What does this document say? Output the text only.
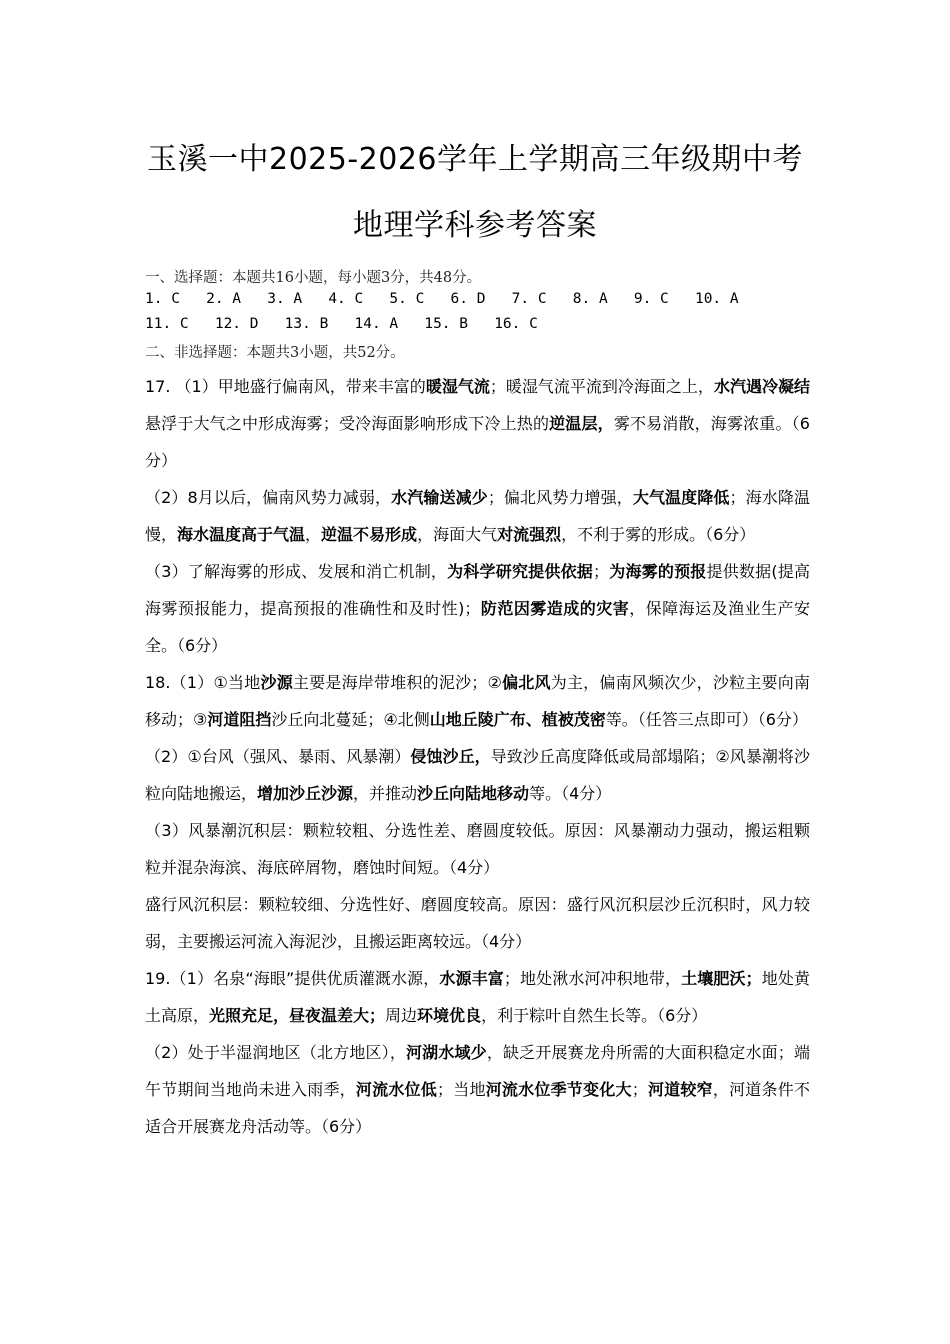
玉溪一中2025-2026学年上学期高三年级期中考
地理学科参考答案
一、选择题：本题共16小题，每小题3分，共48分。
1. C   2. A   3. A   4. C   5. C   6. D   7. C   8. A   9. C   10. A
11. C   12. D   13. B   14. A   15. B   16. C
二、非选择题：本题共3小题，共52分。

17. （1）甲地盛行偏南风，带来丰富的暖湿气流；暖湿气流平流到冷海面之上，水汽遇冷凝结悬浮于大气之中形成海雾；受冷海面影响形成下冷上热的逆温层，雾不易消散，海雾浓重。（6分）

（2）8月以后，偏南风势力减弱，水汽输送减少；偏北风势力增强，大气温度降低；海水降温慢，海水温度高于气温，逆温不易形成，海面大气对流强烈，不利于雾的形成。（6分）

（3）了解海雾的形成、发展和消亡机制，为科学研究提供依据；为海雾的预报提供数据(提高海雾预报能力，提高预报的准确性和及时性)；防范因雾造成的灾害，保障海运及渔业生产安全。（6分）

18.（1）①当地沙源主要是海岸带堆积的泥沙；②偏北风为主，偏南风频次少，沙粒主要向南移动；③河道阻挡沙丘向北蔓延；④北侧山地丘陵广布、植被茂密等。（任答三点即可）（6分）

（2）①台风（强风、暴雨、风暴潮）侵蚀沙丘，导致沙丘高度降低或局部塌陷；②风暴潮将沙粒向陆地搬运，增加沙丘沙源，并推动沙丘向陆地移动等。（4分）

（3）风暴潮沉积层：颗粒较粗、分选性差、磨圆度较低。原因：风暴潮动力强动，搬运粗颗粒并混杂海滨、海底碎屑物，磨蚀时间短。（4分）

盛行风沉积层：颗粒较细、分选性好、磨圆度较高。原因：盛行风沉积层沙丘沉积时，风力较弱，主要搬运河流入海泥沙，且搬运距离较远。（4分）

19.（1）名泉“海眼”提供优质灌溉水源，水源丰富；地处湫水河冲积地带，土壤肥沃；地处黄土高原，光照充足，昼夜温差大；周边环境优良，利于粽叶自然生长等。（6分）

（2）处于半湿润地区（北方地区），河湖水域少，缺乏开展赛龙舟所需的大面积稳定水面；端午节期间当地尚未进入雨季，河流水位低；当地河流水位季节变化大；河道较窄，河道条件不适合开展赛龙舟活动等。（6分）
